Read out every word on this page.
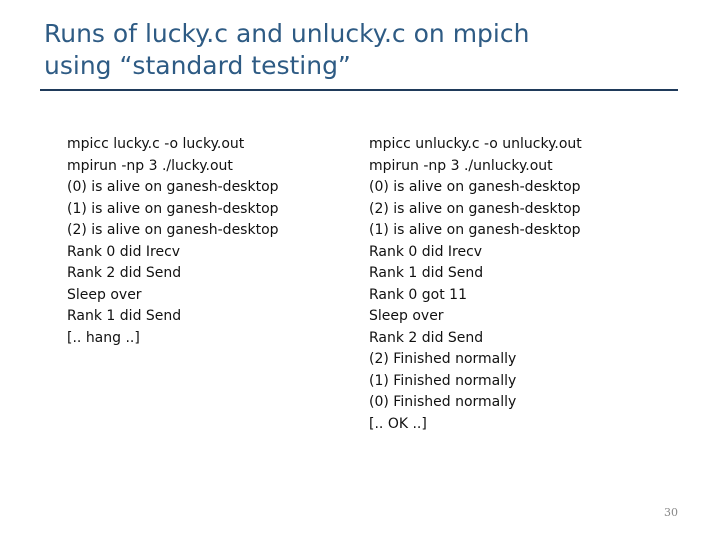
Runs of lucky.c and unlucky.c on mpich
using “standard testing”
mpicc lucky.c -o lucky.out
mpirun -np 3 ./lucky.out
(0) is alive on ganesh-desktop
(1) is alive on ganesh-desktop
(2) is alive on ganesh-desktop
Rank 0 did Irecv
Rank 2 did Send
Sleep over
Rank 1 did Send
[.. hang ..]
mpicc unlucky.c -o unlucky.out
mpirun -np 3 ./unlucky.out
(0) is alive on ganesh-desktop
(2) is alive on ganesh-desktop
(1) is alive on ganesh-desktop
Rank 0 did Irecv
Rank 1 did Send
Rank 0 got 11
Sleep over
Rank 2 did Send
(2) Finished normally
(1) Finished normally
(0) Finished normally
[.. OK ..]
30
